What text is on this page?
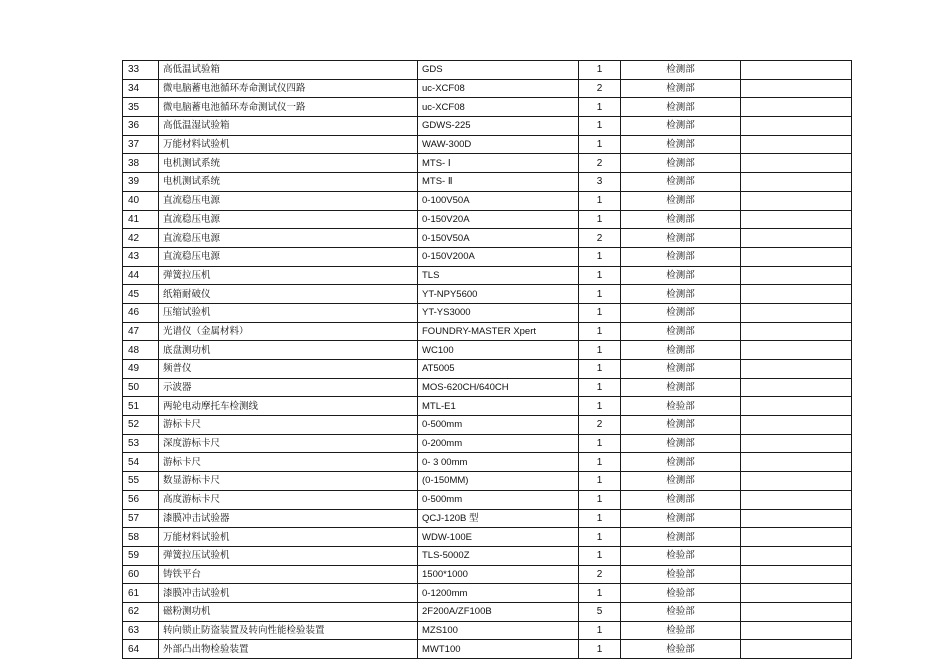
33	高低温试验箱	GDS	1	检测部	
34	微电脑蓄电池循环寿命测试仪四路	uc-XCF08	2	检测部	
35	微电脑蓄电池循环寿命测试仪一路	uc-XCF08	1	检测部	
36	高低温湿试验箱	GDWS-225	1	检测部	
37	万能材料试验机	WAW-300D	1	检测部	
38	电机测试系统	MTS- Ⅰ	2	检测部	
39	电机测试系统	MTS- Ⅱ	3	检测部	
40	直流稳压电源	0-100V50A	1	检测部	
41	直流稳压电源	0-150V20A	1	检测部	
42	直流稳压电源	0-150V50A	2	检测部	
43	直流稳压电源	0-150V200A	1	检测部	
44	弹簧拉压机	TLS	1	检测部	
45	纸箱耐破仪	YT-NPY5600	1	检测部	
46	压缩试验机	YT-YS3000	1	检测部	
47	光谱仪（金属材料）	FOUNDRY-MASTER Xpert	1	检测部	
48	底盘测功机	WC100	1	检测部	
49	频普仪	AT5005	1	检测部	
50	示波器	MOS-620CH/640CH	1	检测部	
51	两轮电动摩托车检测线	MTL-E1	1	检验部	
52	游标卡尺	0-500mm	2	检测部	
53	深度游标卡尺	0-200mm	1	检测部	
54	游标卡尺	0- 3 00mm	1	检测部	
55	数显游标卡尺	(0-150MM)	1	检测部	
56	高度游标卡尺	0-500mm	1	检测部	
57	漆膜冲击试验器	QCJ-120B 型	1	检测部	
58	万能材料试验机	WDW-100E	1	检测部	
59	弹簧拉压试验机	TLS-5000Z	1	检验部	
60	铸铁平台	1500*1000	2	检验部	
61	漆膜冲击试验机	0-1200mm	1	检验部	
62	磁粉测功机	2F200A/ZF100B	5	检验部	
63	转向锁止防盗装置及转向性能检验装置	MZS100	1	检验部	
64	外部凸出物检验装置	MWT100	1	检验部	
